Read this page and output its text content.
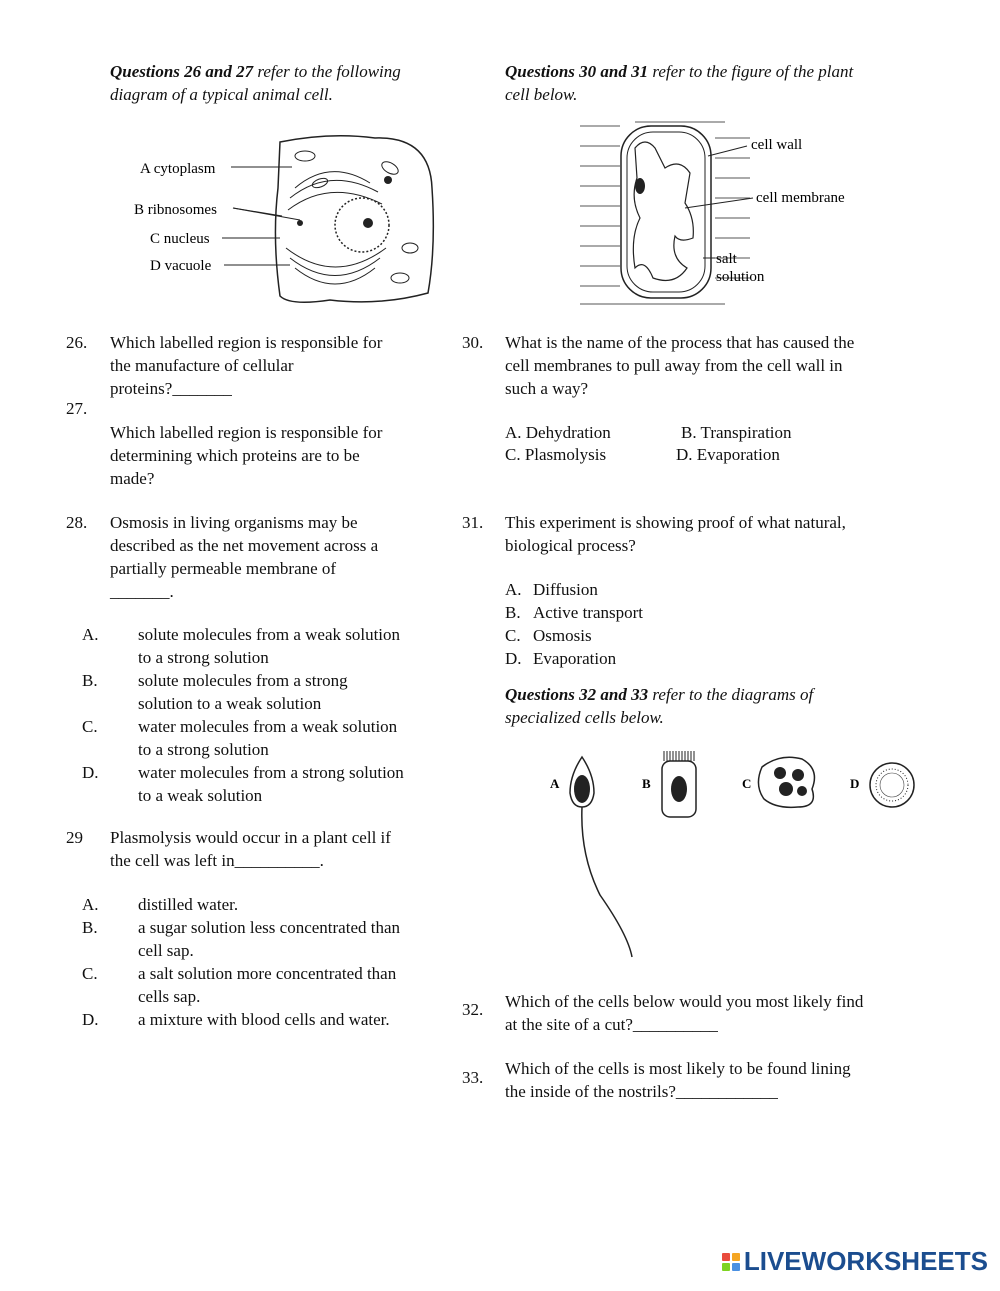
Questions 26 and 27 refer to the following
diagram of a typical animal cell.
A cytoplasm
B ribnosomes
C nucleus
D vacuole
26. Which labelled region is responsible for
the manufacture of cellular
proteins?_______
27.
Which labelled region is responsible for
determining which proteins are to be
made?
28. Osmosis in living organisms may be
described as the net movement across a
partially permeable membrane of
_______.
A. solute molecules from a weak solution
to a strong solution
B. solute molecules from a strong
solution to a weak solution
C. water molecules from a weak solution
to a strong solution
D. water molecules from a strong solution
to a weak solution
29 Plasmolysis would occur in a plant cell if
the cell was left in__________.
A. distilled water.
B. a sugar solution less concentrated than
cell sap.
C. a salt solution more concentrated than
cells sap.
D. a mixture with blood cells and water.
Questions 30 and 31 refer to the figure of the plant
cell below.
cell wall
cell membrane
salt
solution
30. What is the name of the process that has caused the
cell membranes to pull away from the cell wall in
such a way?
A. Dehydration	B. Transpiration
C. Plasmolysis	D. Evaporation
31. This experiment is showing proof of what natural,
biological process?
A. Diffusion
B. Active transport
C. Osmosis
D. Evaporation
Questions 32 and 33 refer to the diagrams of
specialized cells below.
A	B	C	D
32. Which of the cells below would you most likely find
at the site of a cut?__________
33. Which of the cells is most likely to be found lining
the inside of the nostrils?____________
LIVEWORKSHEETS
